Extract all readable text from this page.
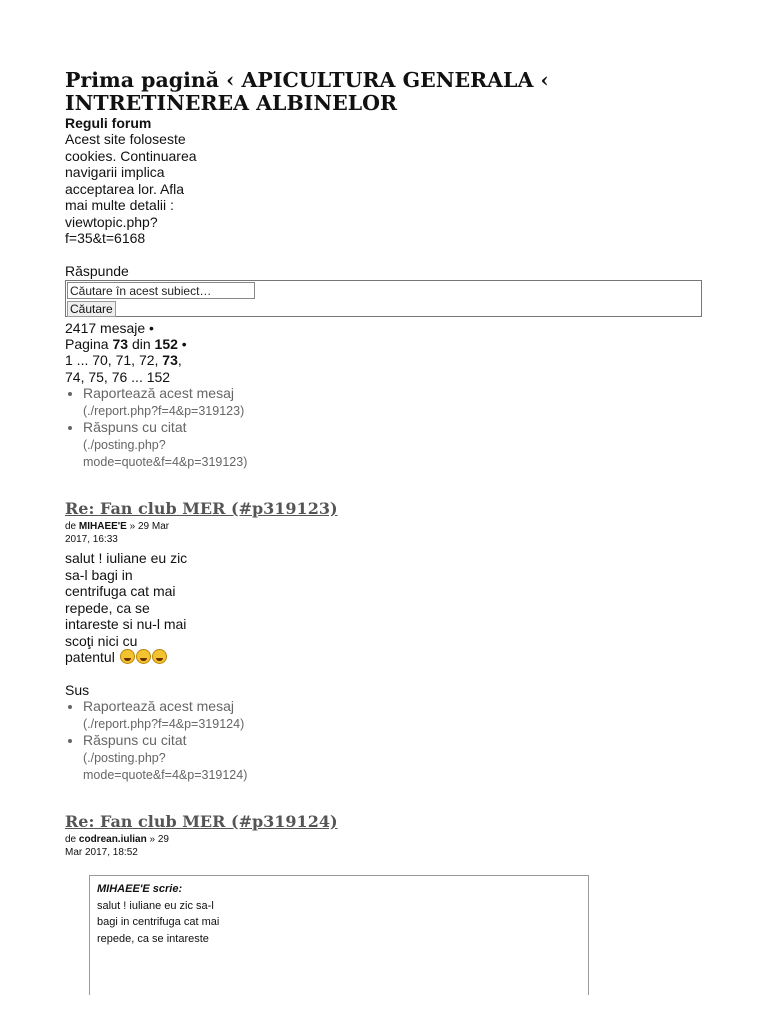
Prima pagină ‹ APICULTURA GENERALA ‹ INTRETINEREA ALBINELOR
Reguli forum
Acest site foloseste cookies. Continuarea navigarii implica acceptarea lor. Afla mai multe detalii : viewtopic.php?f=35&t=6168
Răspunde
2417 mesaje •
Pagina 73 din 152 •
1 ... 70, 71, 72, 73, 74, 75, 76 ... 152
• Raportează acest mesaj (./report.php?f=4&p=319123)
• Răspuns cu citat (./posting.php?mode=quote&f=4&p=319123)
Re: Fan club MER (#p319123)
de MIHAEE'E » 29 Mar 2017, 16:33
salut ! iuliane eu zic sa-l bagi in centrifuga cat mai repede, ca se intareste si nu-l mai scoţi nici cu patentul
Sus
• Raportează acest mesaj (./report.php?f=4&p=319124)
• Răspuns cu citat (./posting.php?mode=quote&f=4&p=319124)
Re: Fan club MER (#p319124)
de codrean.iulian » 29 Mar 2017, 18:52
Căutare în acest subiect…
Căutare
MIHAEE'E scrie:
salut ! iuliane eu zic sa-l bagi in centrifuga cat mai repede, ca se intareste
